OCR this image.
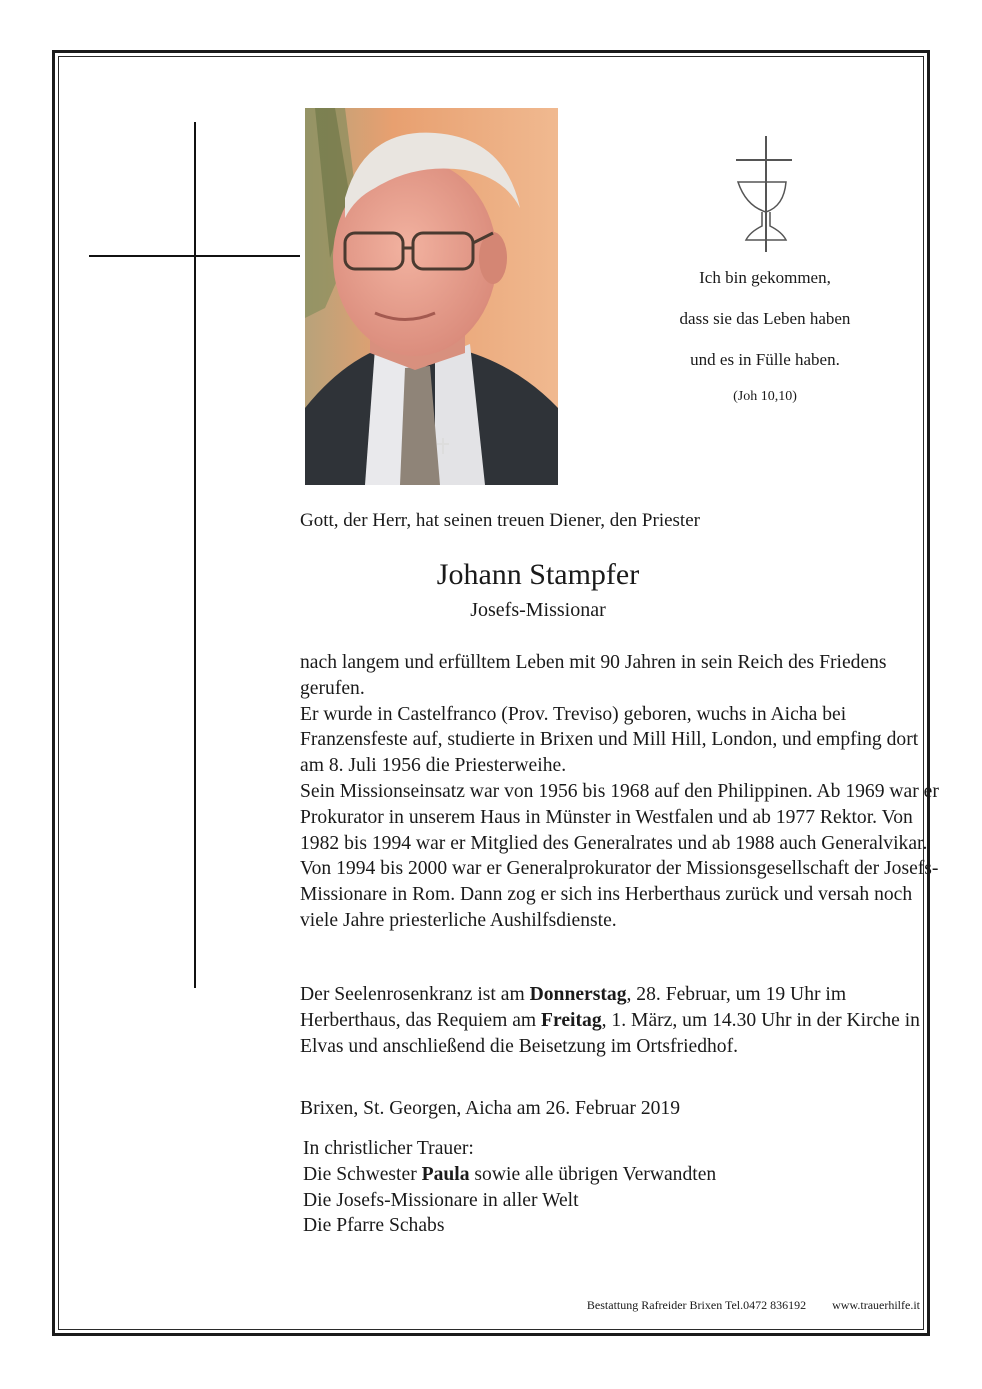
Ich bin gekommen,
dass sie das Leben haben
und es in Fülle haben.
(Joh 10,10)
Gott, der Herr, hat seinen treuen Diener, den Priester
Johann Stampfer
Josefs-Missionar

nach langem und erfülltem Leben mit 90 Jahren in sein Reich des Friedens gerufen.

Er wurde in Castelfranco (Prov. Treviso) geboren, wuchs in Aicha bei Franzensfeste auf, studierte in Brixen und Mill Hill, London, und empfing dort am 8. Juli 1956 die Priesterweihe.

Sein Missionseinsatz war von 1956 bis 1968 auf den Philippinen. Ab 1969 war er Prokurator in unserem Haus in Münster in Westfalen und ab 1977 Rektor. Von 1982 bis 1994 war er Mitglied des Generalrates und ab 1988 auch Generalvikar. Von 1994 bis 2000 war er Generalprokurator der Missionsgesellschaft der Josefs-Missionare in Rom. Dann zog er sich ins Herberthaus zurück und versah noch viele Jahre priesterliche Aushilfsdienste.

Der Seelenrosenkranz ist am Donnerstag, 28. Februar, um 19 Uhr im Herberthaus, das Requiem am Freitag, 1. März, um 14.30 Uhr in der Kirche in Elvas und anschließend die Beisetzung im Ortsfriedhof.
Brixen, St. Georgen, Aicha am 26. Februar 2019
In christlicher Trauer:
Die Schwester Paula sowie alle übrigen Verwandten
Die Josefs-Missionare in aller Welt
Die Pfarre Schabs
Bestattung Rafreider Brixen Tel.0472 836192 www.trauerhilfe.it
